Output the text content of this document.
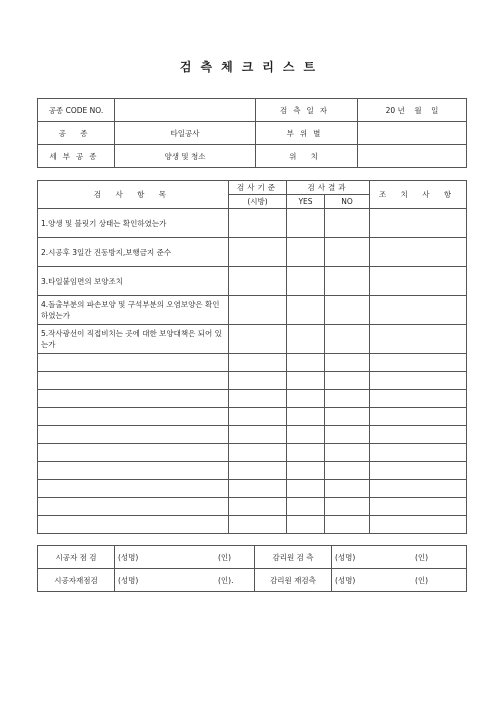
검측체크리스트
공종 CODE NO.		검측일자	20 년    월    일
공 종	타일공사	부위별	
세부공종	양생 및 청소	위 치	
검 사 항 목	검사기준	검사결과		조 치 사 항
	(시방)	YES	NO	
1.양생 및 블릿기 상태는 확인하였는가				
2.시공후 3일간 진동방지,보행금지 준수				
3.타일붙임면의 보양조치				
4.돌출부분의 파손보양 및 구석부분의 오염보양은 확인하였는가				
5.작사광선이 직접비치는 곳에 대한 보양대책은 되어 있는가				

시공자 점 검	(성명) (인)	감리원 검 측	(성명) (인)
시공자재점검	(성명) (인).	감리원 재검측	(성명) (인)
